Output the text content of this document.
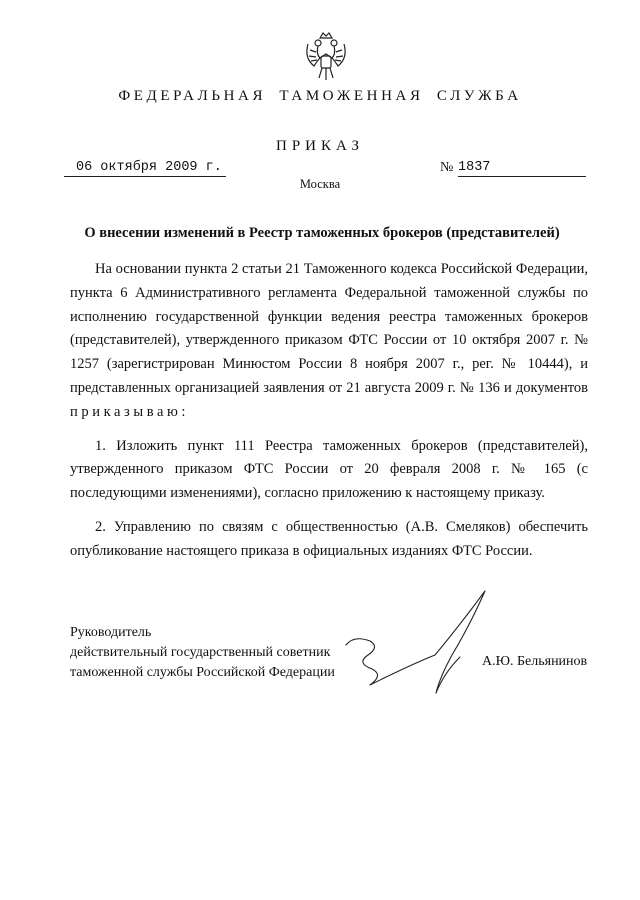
ФЕДЕРАЛЬНАЯ ТАМОЖЕННАЯ СЛУЖБА
ПРИКАЗ
06 октября 2009 г.	№ 1837
Москва
О внесении изменений в Реестр таможенных брокеров (представителей)

На основании пункта 2 статьи 21 Таможенного кодекса Российской Федерации, пункта 6 Административного регламента Федеральной таможенной службы по исполнению государственной функции ведения реестра таможенных брокеров (представителей), утвержденного приказом ФТС России от 10 октября 2007 г. № 1257 (зарегистрирован Минюстом России 8 ноября 2007 г., рег. № 10444), и представленных организацией заявления от 21 августа 2009 г. № 136 и документов приказываю:

1. Изложить пункт 111 Реестра таможенных брокеров (представителей), утвержденного приказом ФТС России от 20 февраля 2008 г. № 165 (с последующими изменениями), согласно приложению к настоящему приказу.

2. Управлению по связям с общественностью (А.В. Смеляков) обеспечить опубликование настоящего приказа в официальных изданиях ФТС России.

Руководитель
действительный государственный советник
таможенной службы Российской Федерации
А.Ю. Бельянинов
